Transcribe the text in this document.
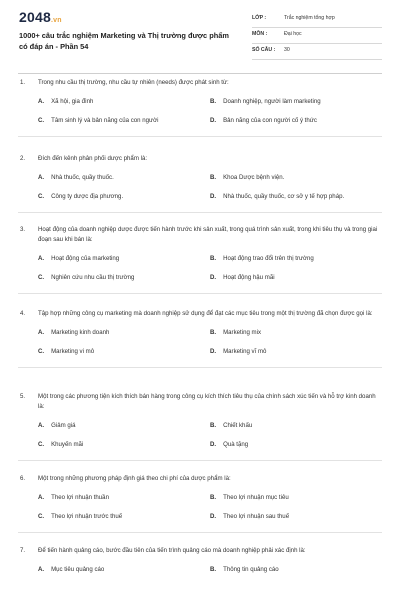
2048.vn
1000+ câu trắc nghiệm Marketing và Thị trường được phẩm có đáp án - Phần 54
LỚP :	Trắc nghiệm tổng hợp
MÔN :	Đại học
SỐ CÂU : 30
1. Trong nhu cầu thị trường, nhu cầu tự nhiên (needs) được phát sinh từ:
A. Xã hội, gia đình	B. Doanh nghiệp, người làm marketing
C. Tâm sinh lý và bản năng của con người	D. Bản năng của con người cố ý thức
2. Đích đến kênh phân phối dược phẩm là:
A. Nhà thuốc, quầy thuốc.	B. Khoa Dược bệnh viện.
C. Công ty dược địa phương.	D. Nhà thuốc, quầy thuốc, cơ sở y tế hợp pháp.
3. Hoạt động của doanh nghiệp dược được tiến hành trước khi sản xuất, trong quá trình sản xuất, trong khi tiêu thụ và trong giai đoạn sau khi bán là:
A. Hoạt động của marketing	B. Hoạt động trao đổi trên thị trường
C. Nghiên cứu nhu cầu thị trường	D. Hoạt động hậu mãi
4. Tập hợp những công cụ marketing mà doanh nghiệp sử dụng để đạt các mục tiêu trong một thị trường đã chọn được gọi là:
A. Marketing kinh doanh	B. Marketing mix
C. Marketing vi mô	D. Marketing vĩ mô
5. Một trong các phương tiện kích thích bán hàng trong công cụ kích thích tiêu thụ của chính sách xúc tiến và hỗ trợ kinh doanh là:
A. Giảm giá	B. Chiết khấu
C. Khuyến mãi	D. Quà tặng
6. Một trong những phương pháp định giá theo chi phí của dược phẩm là:
A. Theo lợi nhuận thuần	B. Theo lợi nhuận mục tiêu
C. Theo lợi nhuận trước thuế	D. Theo lợi nhuận sau thuế
7. Để tiến hành quảng cáo, bước đầu tiên của tiến trình quảng cáo mà doanh nghiệp phải xác định là:
A. Mục tiêu quảng cáo	B. Thông tin quảng cáo
